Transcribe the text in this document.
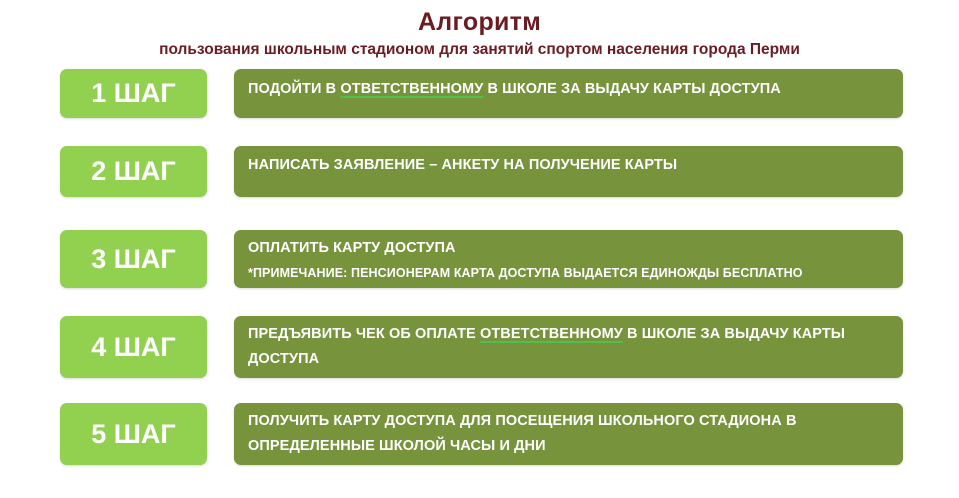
Алгоритм
пользования школьным стадионом для занятий спортом населения города Перми
1 ШАГ	ПОДОЙТИ В ОТВЕТСТВЕННОМУ В ШКОЛЕ ЗА ВЫДАЧУ КАРТЫ ДОСТУПА
2 ШАГ	НАПИСАТЬ ЗАЯВЛЕНИЕ – АНКЕТУ НА ПОЛУЧЕНИЕ КАРТЫ
3 ШАГ	ОПЛАТИТЬ КАРТУ ДОСТУПА
*ПРИМЕЧАНИЕ: ПЕНСИОНЕРАМ КАРТА ДОСТУПА ВЫДАЕТСЯ ЕДИНОЖДЫ БЕСПЛАТНО
4 ШАГ	ПРЕДЪЯВИТЬ ЧЕК ОБ ОПЛАТЕ ОТВЕТСТВЕННОМУ В ШКОЛЕ ЗА ВЫДАЧУ КАРТЫ ДОСТУПА
5 ШАГ	ПОЛУЧИТЬ КАРТУ ДОСТУПА ДЛЯ ПОСЕЩЕНИЯ ШКОЛЬНОГО СТАДИОНА В ОПРЕДЕЛЕННЫЕ ШКОЛОЙ ЧАСЫ И ДНИ
